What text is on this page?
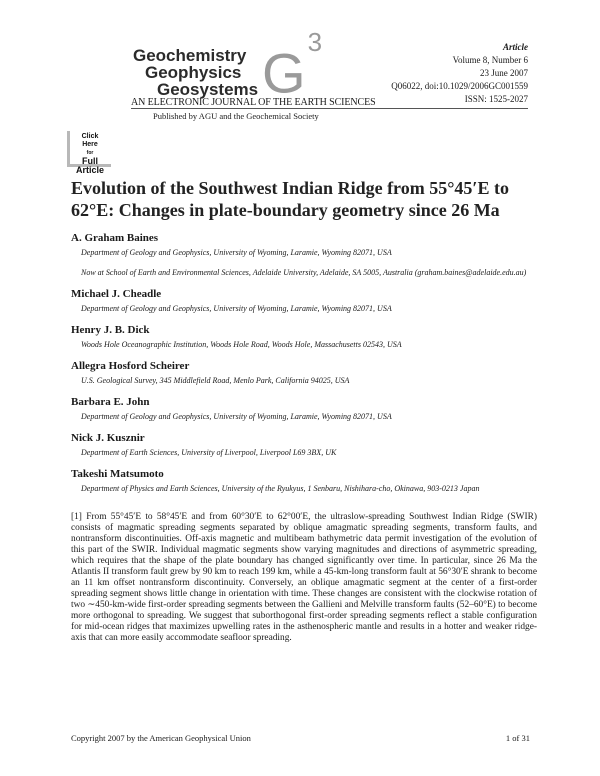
Geochemistry
Geophysics
Geosystems $G^3$
AN ELECTRONIC JOURNAL OF THE EARTH SCIENCES
Published by AGU and the Geochemical Society
Article
Volume 8, Number 6
23 June 2007
Q06022, doi:10.1029/2006GC001559
ISSN: 1525-2027
Click
Here
for
Full
Article
Evolution of the Southwest Indian Ridge from 55°45′E to 62°E: Changes in plate-boundary geometry since 26 Ma

A. Graham Baines

Department of Geology and Geophysics, University of Wyoming, Laramie, Wyoming 82071, USA

Now at School of Earth and Environmental Sciences, Adelaide University, Adelaide, SA 5005, Australia (graham.baines@adelaide.edu.au)

Michael J. Cheadle

Department of Geology and Geophysics, University of Wyoming, Laramie, Wyoming 82071, USA

Henry J. B. Dick

Woods Hole Oceanographic Institution, Woods Hole Road, Woods Hole, Massachusetts 02543, USA

Allegra Hosford Scheirer

U.S. Geological Survey, 345 Middlefield Road, Menlo Park, California 94025, USA

Barbara E. John

Department of Geology and Geophysics, University of Wyoming, Laramie, Wyoming 82071, USA

Nick J. Kusznir

Department of Earth Sciences, University of Liverpool, Liverpool L69 3BX, UK

Takeshi Matsumoto

Department of Physics and Earth Sciences, University of the Ryukyus, 1 Senbaru, Nishihara-cho, Okinawa, 903-0213 Japan

[1] From 55°45′E to 58°45′E and from 60°30′E to 62°00′E, the ultraslow-spreading Southwest Indian Ridge (SWIR) consists of magmatic spreading segments separated by oblique amagmatic spreading segments, transform faults, and nontransform discontinuities. Off-axis magnetic and multibeam bathymetric data permit investigation of the evolution of this part of the SWIR. Individual magmatic segments show varying magnitudes and directions of asymmetric spreading, which requires that the shape of the plate boundary has changed significantly over time. In particular, since 26 Ma the Atlantis II transform fault grew by 90 km to reach 199 km, while a 45-km-long transform fault at 56°30′E shrank to become an 11 km offset nontransform discontinuity. Conversely, an oblique amagmatic segment at the center of a first-order spreading segment shows little change in orientation with time. These changes are consistent with the clockwise rotation of two ∼450-km-wide first-order spreading segments between the Gallieni and Melville transform faults (52–60°E) to become more orthogonal to spreading. We suggest that suborthogonal first-order spreading segments reflect a stable configuration for mid-ocean ridges that maximizes upwelling rates in the asthenospheric mantle and results in a hotter and weaker ridge-axis that can more easily accommodate seafloor spreading.
Copyright 2007 by the American Geophysical Union	1 of 31
